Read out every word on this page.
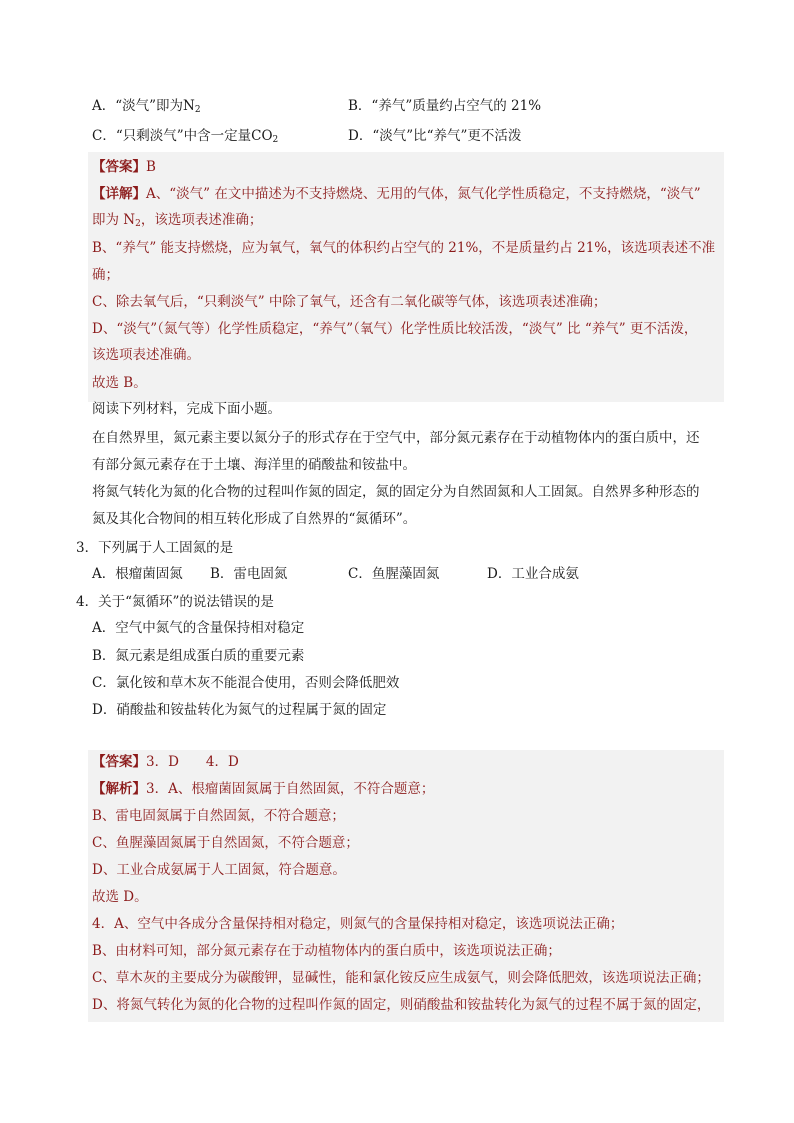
A．“淡气”即为$N_2$	B．“养气”质量约占空气的 21%
C．“只剩淡气”中含一定量$CO_2$	D．“淡气”比“养气”更不活泼
【答案】B
【详解】A、“淡气” 在文中描述为不支持燃烧、无用的气体，氮气化学性质稳定，不支持燃烧，“淡气”
即为 $N_2$，该选项表述准确；
B、“养气” 能支持燃烧，应为氧气，氧气的体积约占空气的 21%，不是质量约占 21%，该选项表述不准
确；
C、除去氧气后，“只剩淡气” 中除了氧气，还含有二氧化碳等气体，该选项表述准确；
D、“淡气”（氮气等）化学性质稳定，“养气”（氧气）化学性质比较活泼，“淡气” 比 “养气” 更不活泼，
该选项表述准确。
故选 B。
阅读下列材料，完成下面小题。
在自然界里，氮元素主要以氮分子的形式存在于空气中，部分氮元素存在于动植物体内的蛋白质中，还
有部分氮元素存在于土壤、海洋里的硝酸盐和铵盐中。
将氮气转化为氮的化合物的过程叫作氮的固定，氮的固定分为自然固氮和人工固氮。自然界多种形态的
氮及其化合物间的相互转化形成了自然界的“氮循环”。
3．下列属于人工固氮的是
A．根瘤菌固氮 B．雷电固氮	C．鱼腥藻固氮	D．工业合成氨
4．关于“氮循环”的说法错误的是
A．空气中氮气的含量保持相对稳定
B．氮元素是组成蛋白质的重要元素
C．氯化铵和草木灰不能混合使用，否则会降低肥效
D．硝酸盐和铵盐转化为氮气的过程属于氮的固定
【答案】3．D　　4．D
【解析】3．A、根瘤菌固氮属于自然固氮，不符合题意；
B、雷电固氮属于自然固氮，不符合题意；
C、鱼腥藻固氮属于自然固氮，不符合题意；
D、工业合成氨属于人工固氮，符合题意。
故选 D。
4．A、空气中各成分含量保持相对稳定，则氮气的含量保持相对稳定，该选项说法正确；
B、由材料可知，部分氮元素存在于动植物体内的蛋白质中，该选项说法正确；
C、草木灰的主要成分为碳酸钾，显碱性，能和氯化铵反应生成氨气，则会降低肥效，该选项说法正确；
D、将氮气转化为氮的化合物的过程叫作氮的固定，则硝酸盐和铵盐转化为氮气的过程不属于氮的固定，
